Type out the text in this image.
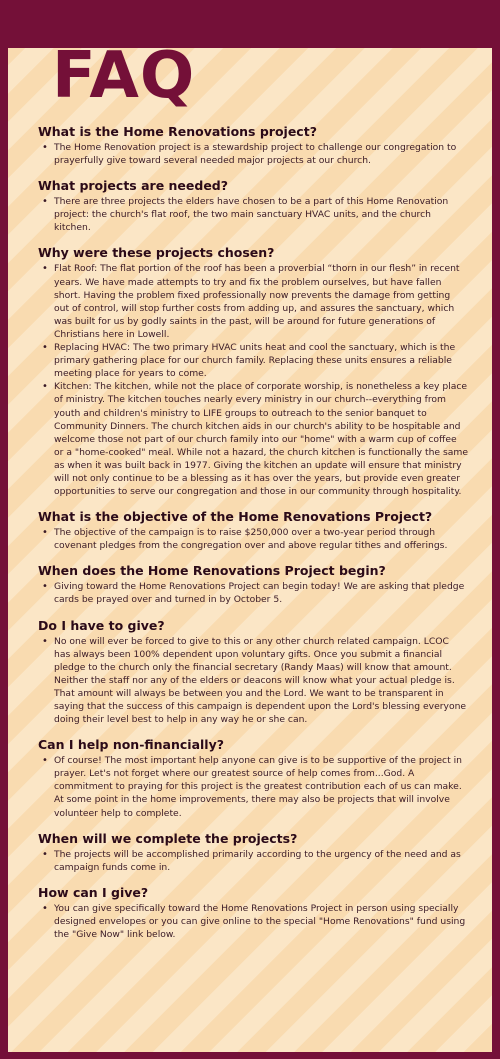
FAQ
What is the Home Renovations project?
• The Home Renovation project is a stewardship project to challenge our congregation to prayerfully give toward several needed major projects at our church.
What projects are needed?
• There are three projects the elders have chosen to be a part of this Home Renovation project: the church's flat roof, the two main sanctuary HVAC units, and the church kitchen.
Why were these projects chosen?
• Flat Roof: The flat portion of the roof has been a proverbial “thorn in our flesh” in recent years. We have made attempts to try and fix the problem ourselves, but have fallen short. Having the problem fixed professionally now prevents the damage from getting out of control, will stop further costs from adding up, and assures the sanctuary, which was built for us by godly saints in the past, will be around for future generations of Christians here in Lowell.
• Replacing HVAC: The two primary HVAC units heat and cool the sanctuary, which is the primary gathering place for our church family. Replacing these units ensures a reliable meeting place for years to come.
• Kitchen: The kitchen, while not the place of corporate worship, is nonetheless a key place of ministry. The kitchen touches nearly every ministry in our church--everything from youth and children's ministry to LIFE groups to outreach to the senior banquet to Community Dinners. The church kitchen aids in our church's ability to be hospitable and welcome those not part of our church family into our "home" with a warm cup of coffee or a "home-cooked" meal. While not a hazard, the church kitchen is functionally the same as when it was built back in 1977. Giving the kitchen an update will ensure that ministry will not only continue to be a blessing as it has over the years, but provide even greater opportunities to serve our congregation and those in our community through hospitality.
What is the objective of the Home Renovations Project?
• The objective of the campaign is to raise $250,000 over a two-year period through covenant pledges from the congregation over and above regular tithes and offerings.
When does the Home Renovations Project begin?
• Giving toward the Home Renovations Project can begin today! We are asking that pledge cards be prayed over and turned in by October 5.
Do I have to give?
• No one will ever be forced to give to this or any other church related campaign. LCOC has always been 100% dependent upon voluntary gifts. Once you submit a financial pledge to the church only the financial secretary (Randy Maas) will know that amount. Neither the staff nor any of the elders or deacons will know what your actual pledge is. That amount will always be between you and the Lord. We want to be transparent in saying that the success of this campaign is dependent upon the Lord's blessing everyone doing their level best to help in any way he or she can.
Can I help non-financially?
• Of course! The most important help anyone can give is to be supportive of the project in prayer. Let's not forget where our greatest source of help comes from...God. A commitment to praying for this project is the greatest contribution each of us can make. At some point in the home improvements, there may also be projects that will involve volunteer help to complete.
When will we complete the projects?
• The projects will be accomplished primarily according to the urgency of the need and as campaign funds come in.
How can I give?
• You can give specifically toward the Home Renovations Project in person using specially designed envelopes or you can give online to the special "Home Renovations" fund using the "Give Now" link below.
